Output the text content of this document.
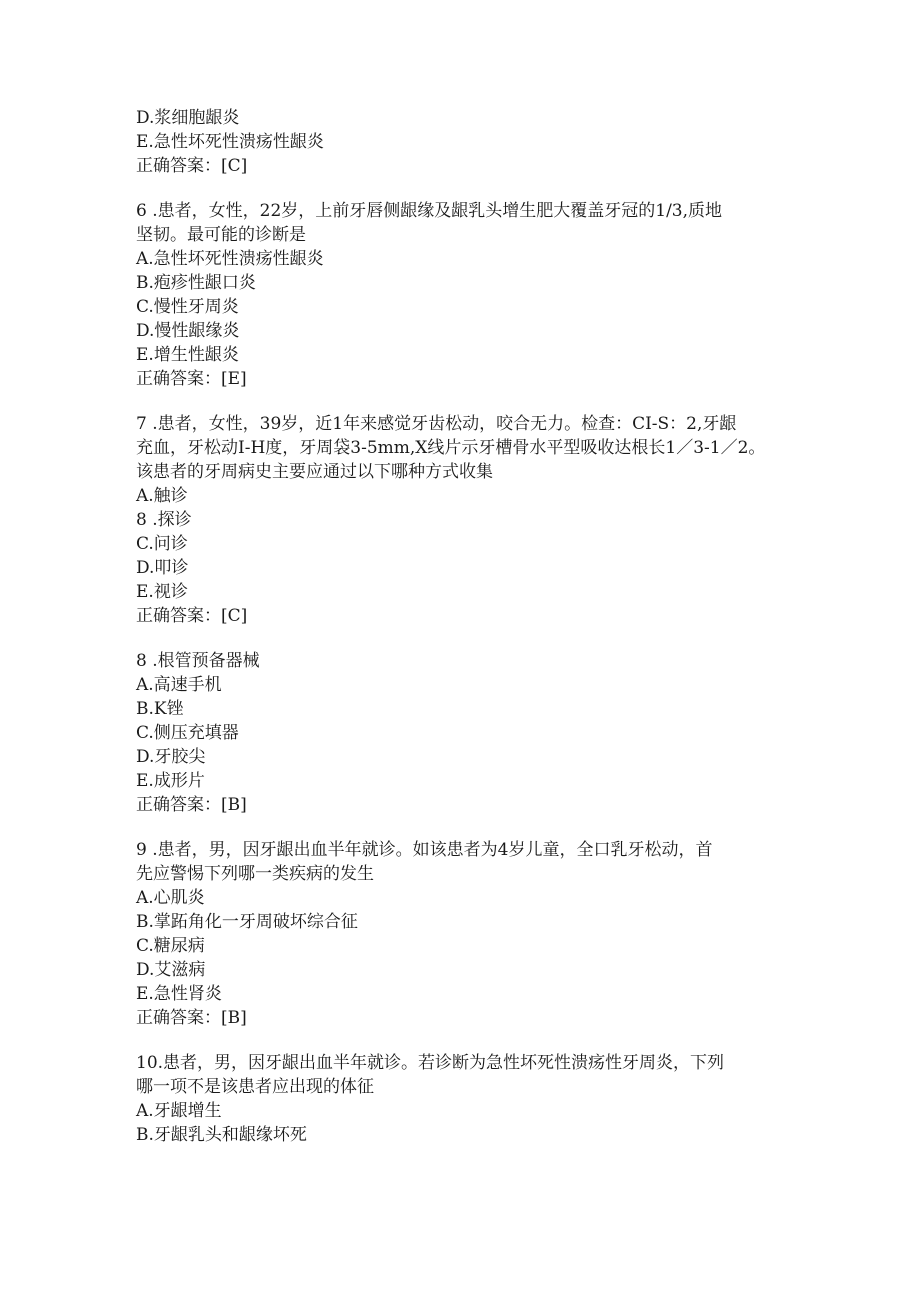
D.浆细胞龈炎
E.急性坏死性溃疡性龈炎
正确答案：[C]
6 .患者，女性，22岁，上前牙唇侧龈缘及龈乳头增生肥大覆盖牙冠的1/3,质地
坚韧。最可能的诊断是
A.急性坏死性溃疡性龈炎
B.疱疹性龈口炎
C.慢性牙周炎
D.慢性龈缘炎
E.增生性龈炎
正确答案：[E]
7 .患者，女性，39岁，近1年来感觉牙齿松动，咬合无力。检查：CI-S：2,牙龈
充血，牙松动I-H度，牙周袋3-5mm,X线片示牙槽骨水平型吸收达根长1／3-1／2。
该患者的牙周病史主要应通过以下哪种方式收集
A.触诊
8 .探诊
C.问诊
D.叩诊
E.视诊
正确答案：[C]
8 .根管预备器械
A.高速手机
B.K锉
C.侧压充填器
D.牙胶尖
E.成形片
正确答案：[B]
9 .患者，男，因牙龈出血半年就诊。如该患者为4岁儿童，全口乳牙松动，首
先应警惕下列哪一类疾病的发生
A.心肌炎
B.掌跖角化一牙周破坏综合征
C.糖尿病
D.艾滋病
E.急性肾炎
正确答案：[B]
10.患者，男，因牙龈出血半年就诊。若诊断为急性坏死性溃疡性牙周炎，下列
哪一项不是该患者应出现的体征
A.牙龈增生
B.牙龈乳头和龈缘坏死
